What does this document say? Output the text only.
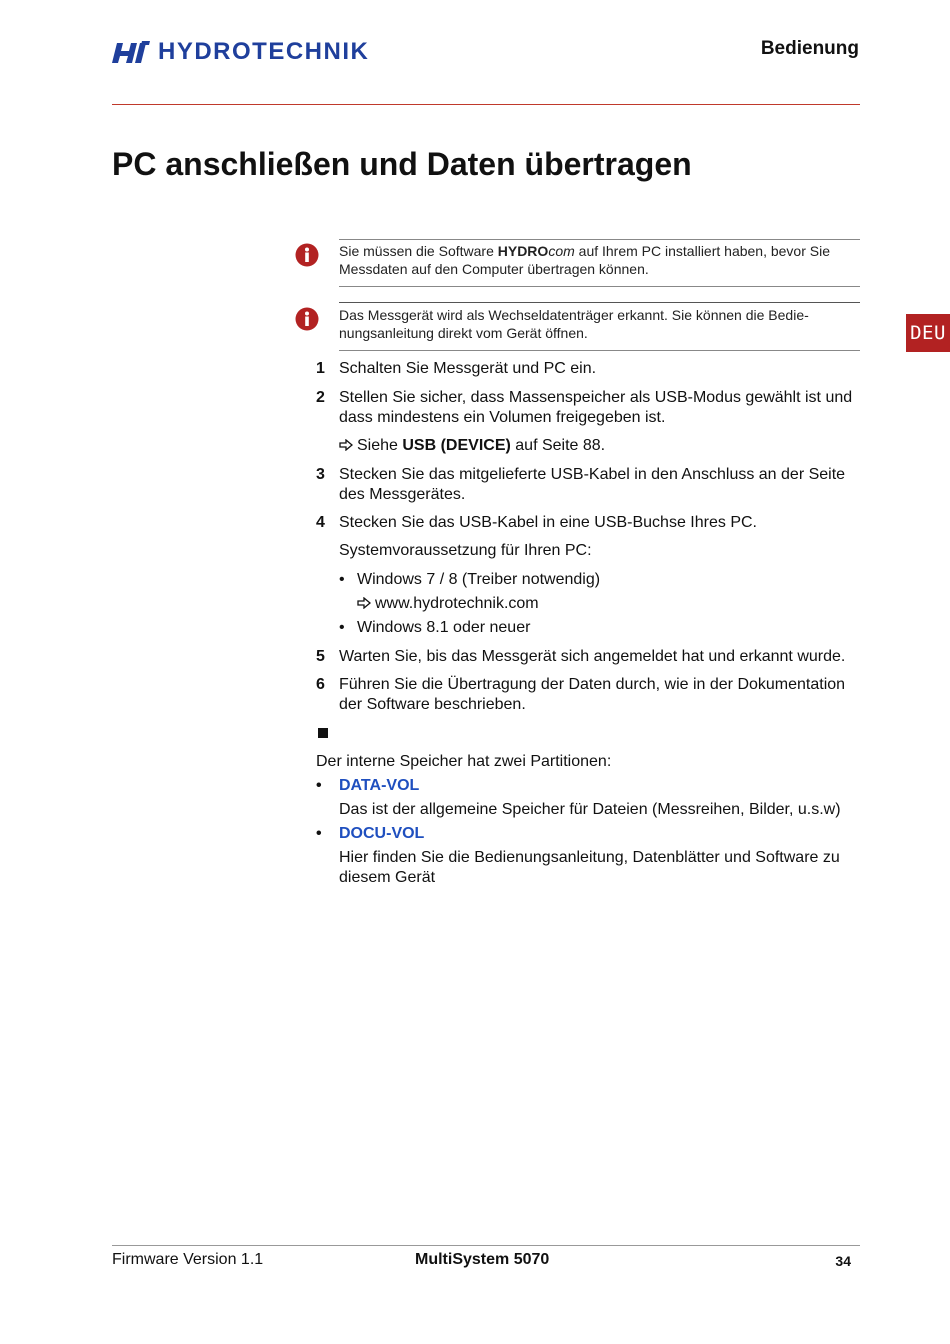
HYDROTECHNIK	Bedienung
PC anschließen und Daten übertragen
DEU
Sie müssen die Software HYDROcom auf Ihrem PC installiert haben, bevor Sie Messdaten auf den Computer übertragen können.
Das Messgerät wird als Wechseldatenträger erkannt. Sie können die Bedie-
nungsanleitung direkt vom Gerät öffnen.
1 Schalten Sie Messgerät und PC ein.
2 Stellen Sie sicher, dass Massenspeicher als USB-Modus gewählt ist und dass mindestens ein Volumen freigegeben ist.
Siehe USB (DEVICE) auf Seite 88.
3 Stecken Sie das mitgelieferte USB-Kabel in den Anschluss an der Seite des Messgerätes.
4 Stecken Sie das USB-Kabel in eine USB-Buchse Ihres PC.
Systemvoraussetzung für Ihren PC:
• Windows 7 / 8 (Treiber notwendig)
www.hydrotechnik.com
• Windows 8.1 oder neuer
5 Warten Sie, bis das Messgerät sich angemeldet hat und erkannt wurde.
6 Führen Sie die Übertragung der Daten durch, wie in der Dokumentation der Software beschrieben.
Der interne Speicher hat zwei Partitionen:
• DATA-VOL
Das ist der allgemeine Speicher für Dateien (Messreihen, Bilder, u.s.w)
• DOCU-VOL
Hier finden Sie die Bedienungsanleitung, Datenblätter und Software zu diesem Gerät
Firmware Version 1.1	MultiSystem 5070	34
